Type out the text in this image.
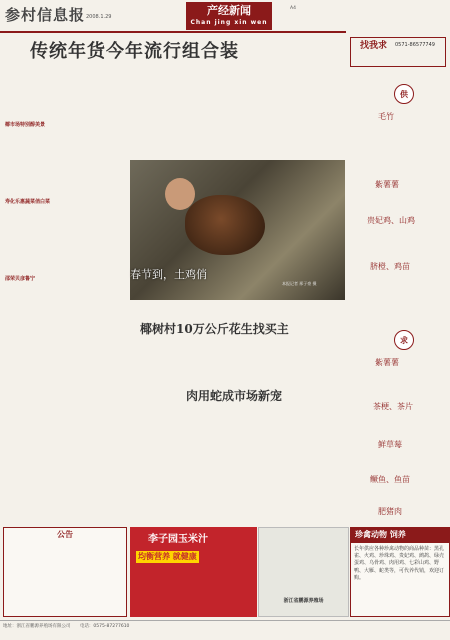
参村信息报 2008.1.29	产经新闻
Chan jing xin wen
A4
传统年货今年流行组合装
椰市场特别醇美景
寿化乐惠蔬菜俏白菜
邵荣贝彦鲁宁	春节到，土鸡俏
本报记者 邢子豪 摄
椰树村10万公斤花生找买主
肉用蛇成市场新宠
找我求 0571-86577749
供
毛竹
紫薯薯
贵妃鸡、山鸡
脐橙、鸡苗
求
紫薯薯
茶梗、茶片
鲜草莓
鳜鱼、鱼苗
肥猪肉
公告	李子园玉米汁
均衡营养 就健康
浙江省鹏源养殖场
珍禽动物 饲养
长年供应各种珍禽动物的商品种苗：黑孔雀、火鸡、珍珠鸡、贵妃鸡、鹧鸪、绿壳蛋鸡、乌骨鸡、肉用鸡、七彩山鸡、野鸭、大雁、蛇类等，可代养代销，欢迎订购。
地址：浙江省鹏源养殖场有限公司 电话：0575-87277610
